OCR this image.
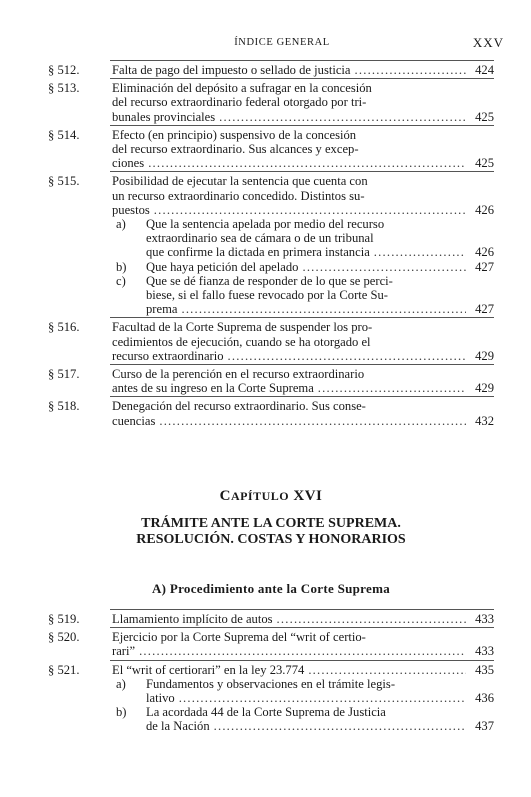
ÍNDICE GENERAL	XXV
§ 512.	Falta de pago del impuesto o sellado de justicia .....	424
§ 513.	Eliminación del depósito a sufragar en la concesión
del recurso extraordinario federal otorgado por tri-
bunales provinciales .....	425
§ 514.	Efecto (en principio) suspensivo de la concesión
del recurso extraordinario. Sus alcances y excep-
ciones .....	425
§ 515.	Posibilidad de ejecutar la sentencia que cuenta con
un recurso extraordinario concedido. Distintos su-
puestos .....	426
a) Que la sentencia apelada por medio del recurso
extraordinario sea de cámara o de un tribunal
que confirme la dictada en primera instancia .....	426
b) Que haya petición del apelado .....	427
c) Que se dé fianza de responder de lo que se perci-
biese, si el fallo fuese revocado por la Corte Su-
prema .....	427
§ 516.	Facultad de la Corte Suprema de suspender los pro-
cedimientos de ejecución, cuando se ha otorgado el
recurso extraordinario .....	429
§ 517.	Curso de la perención en el recurso extraordinario
antes de su ingreso en la Corte Suprema .....	429
§ 518.	Denegación del recurso extraordinario. Sus conse-
cuencias .....	432
CAPÍTULO XVI
TRÁMITE ANTE LA CORTE SUPREMA.
RESOLUCIÓN. COSTAS Y HONORARIOS
A) Procedimiento ante la Corte Suprema
§ 519.	Llamamiento implícito de autos .....	433
§ 520.	Ejercicio por la Corte Suprema del “writ of certio-
rari” .....	433
§ 521.	El “writ of certiorari” en la ley 23.774 .....	435
a) Fundamentos y observaciones en el trámite legis-
lativo .....	436
b) La acordada 44 de la Corte Suprema de Justicia
de la Nación .....	437
